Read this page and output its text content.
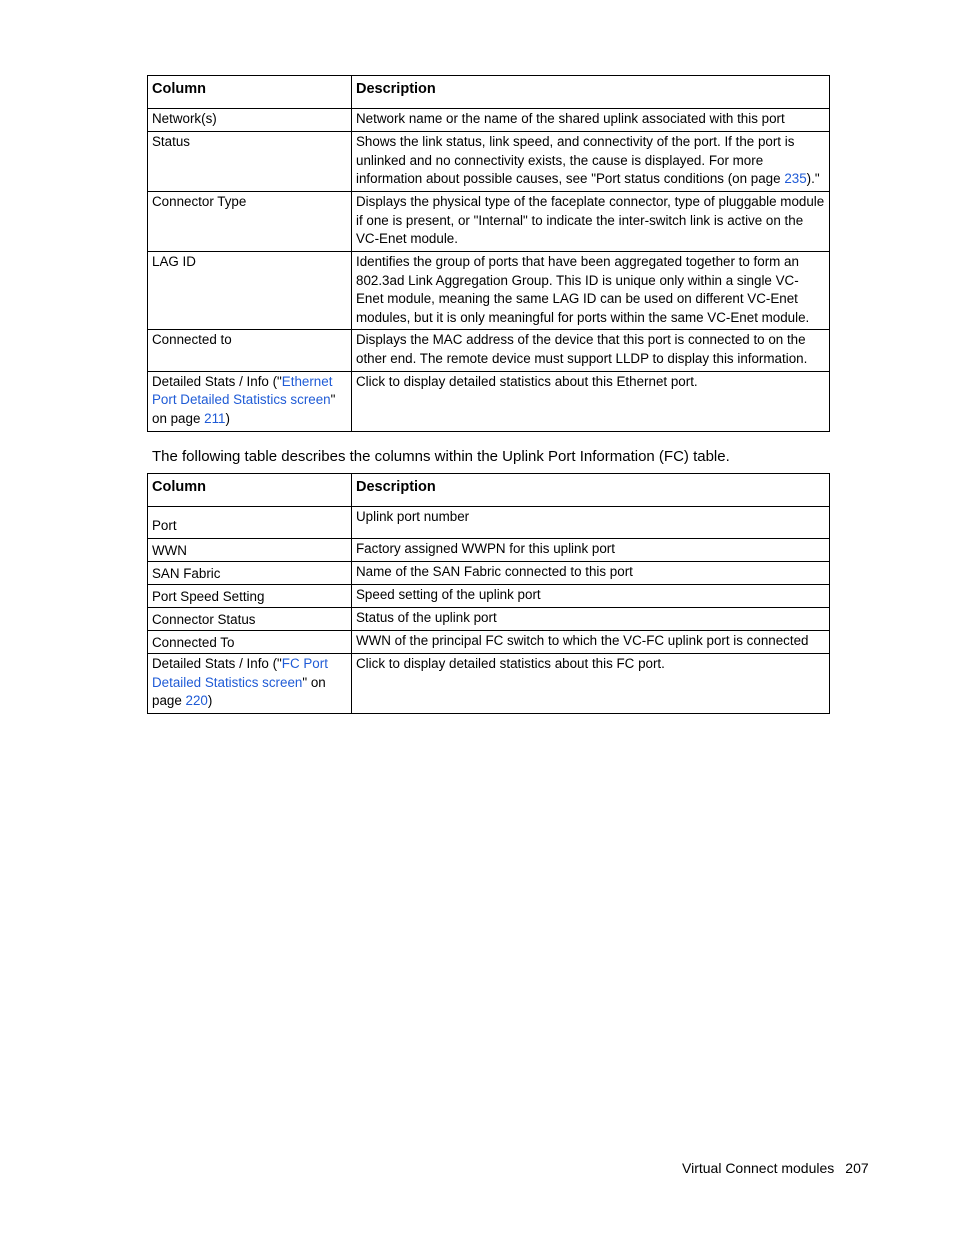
Column	Description
Network(s)	Network name or the name of the shared uplink associated with this port
Status	Shows the link status, link speed, and connectivity of the port. If the port is unlinked and no connectivity exists, the cause is displayed. For more information about possible causes, see "Port status conditions (on page 235)."
Connector Type	Displays the physical type of the faceplate connector, type of pluggable module if one is present, or "Internal" to indicate the inter-switch link is active on the VC-Enet module.
LAG ID	Identifies the group of ports that have been aggregated together to form an 802.3ad Link Aggregation Group. This ID is unique only within a single VC-Enet module, meaning the same LAG ID can be used on different VC-Enet modules, but it is only meaningful for ports within the same VC-Enet module.
Connected to	Displays the MAC address of the device that this port is connected to on the other end. The remote device must support LLDP to display this information.
Detailed Stats / Info ("Ethernet Port Detailed Statistics screen" on page 211)	Click to display detailed statistics about this Ethernet port.
The following table describes the columns within the Uplink Port Information (FC) table.
Column	Description
Port	Uplink port number
WWN	Factory assigned WWPN for this uplink port
SAN Fabric	Name of the SAN Fabric connected to this port
Port Speed Setting	Speed setting of the uplink port
Connector Status	Status of the uplink port
Connected To	WWN of the principal FC switch to which the VC-FC uplink port is connected
Detailed Stats / Info ("FC Port Detailed Statistics screen" on page 220)	Click to display detailed statistics about this FC port.
Virtual Connect modules 207
